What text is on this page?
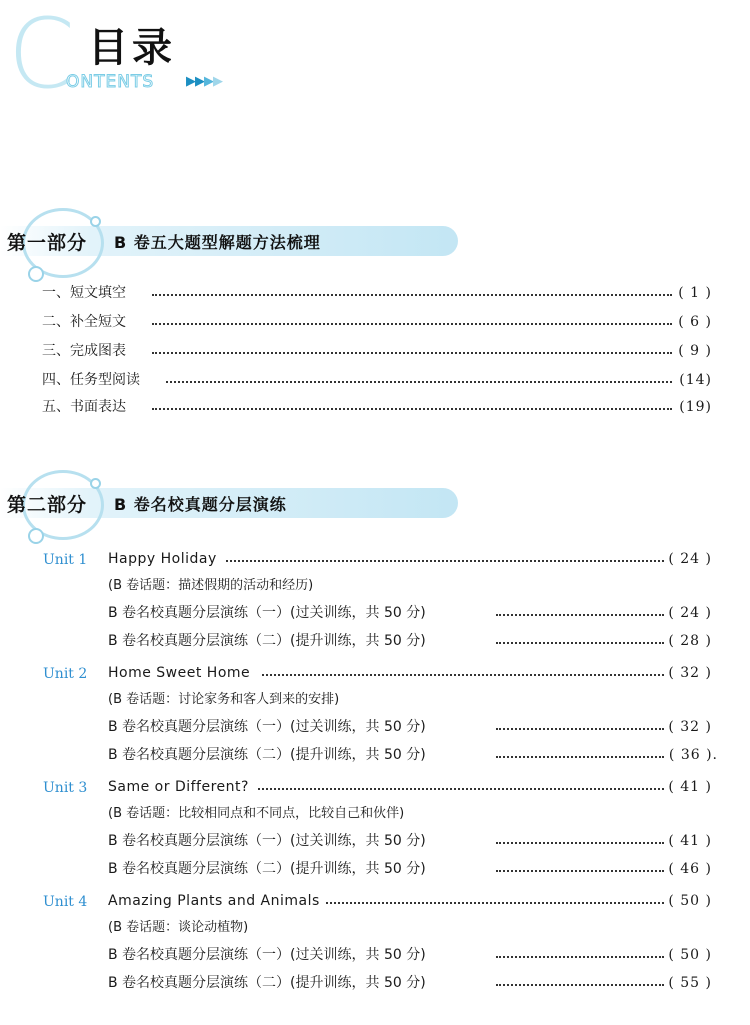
C 目录
ONTENTS ▶▶▶▶
第一部分 B 卷五大题型解题方法梳理
一、短文填空	( 1 )
二、补全短文	( 6 )
三、完成图表	( 9 )
四、任务型阅读	(14)
五、书面表达	(19)
第二部分 B 卷名校真题分层演练
Unit 1 Happy Holiday	( 24 )
(B 卷话题：描述假期的活动和经历)
B 卷名校真题分层演练（一）(过关训练，共 50 分)	( 24 )
B 卷名校真题分层演练（二）(提升训练，共 50 分)	( 28 )
Unit 2 Home Sweet Home	( 32 )
(B 卷话题：讨论家务和客人到来的安排)
B 卷名校真题分层演练（一）(过关训练，共 50 分)	( 32 )
B 卷名校真题分层演练（二）(提升训练，共 50 分)	( 36 ).
Unit 3 Same or Different?	( 41 )
(B 卷话题：比较相同点和不同点，比较自己和伙伴)
B 卷名校真题分层演练（一）(过关训练，共 50 分)	( 41 )
B 卷名校真题分层演练（二）(提升训练，共 50 分)	( 46 )
Unit 4 Amazing Plants and Animals	( 50 )
(B 卷话题：谈论动植物)
B 卷名校真题分层演练（一）(过关训练，共 50 分)	( 50 )
B 卷名校真题分层演练（二）(提升训练，共 50 分)	( 55 )
